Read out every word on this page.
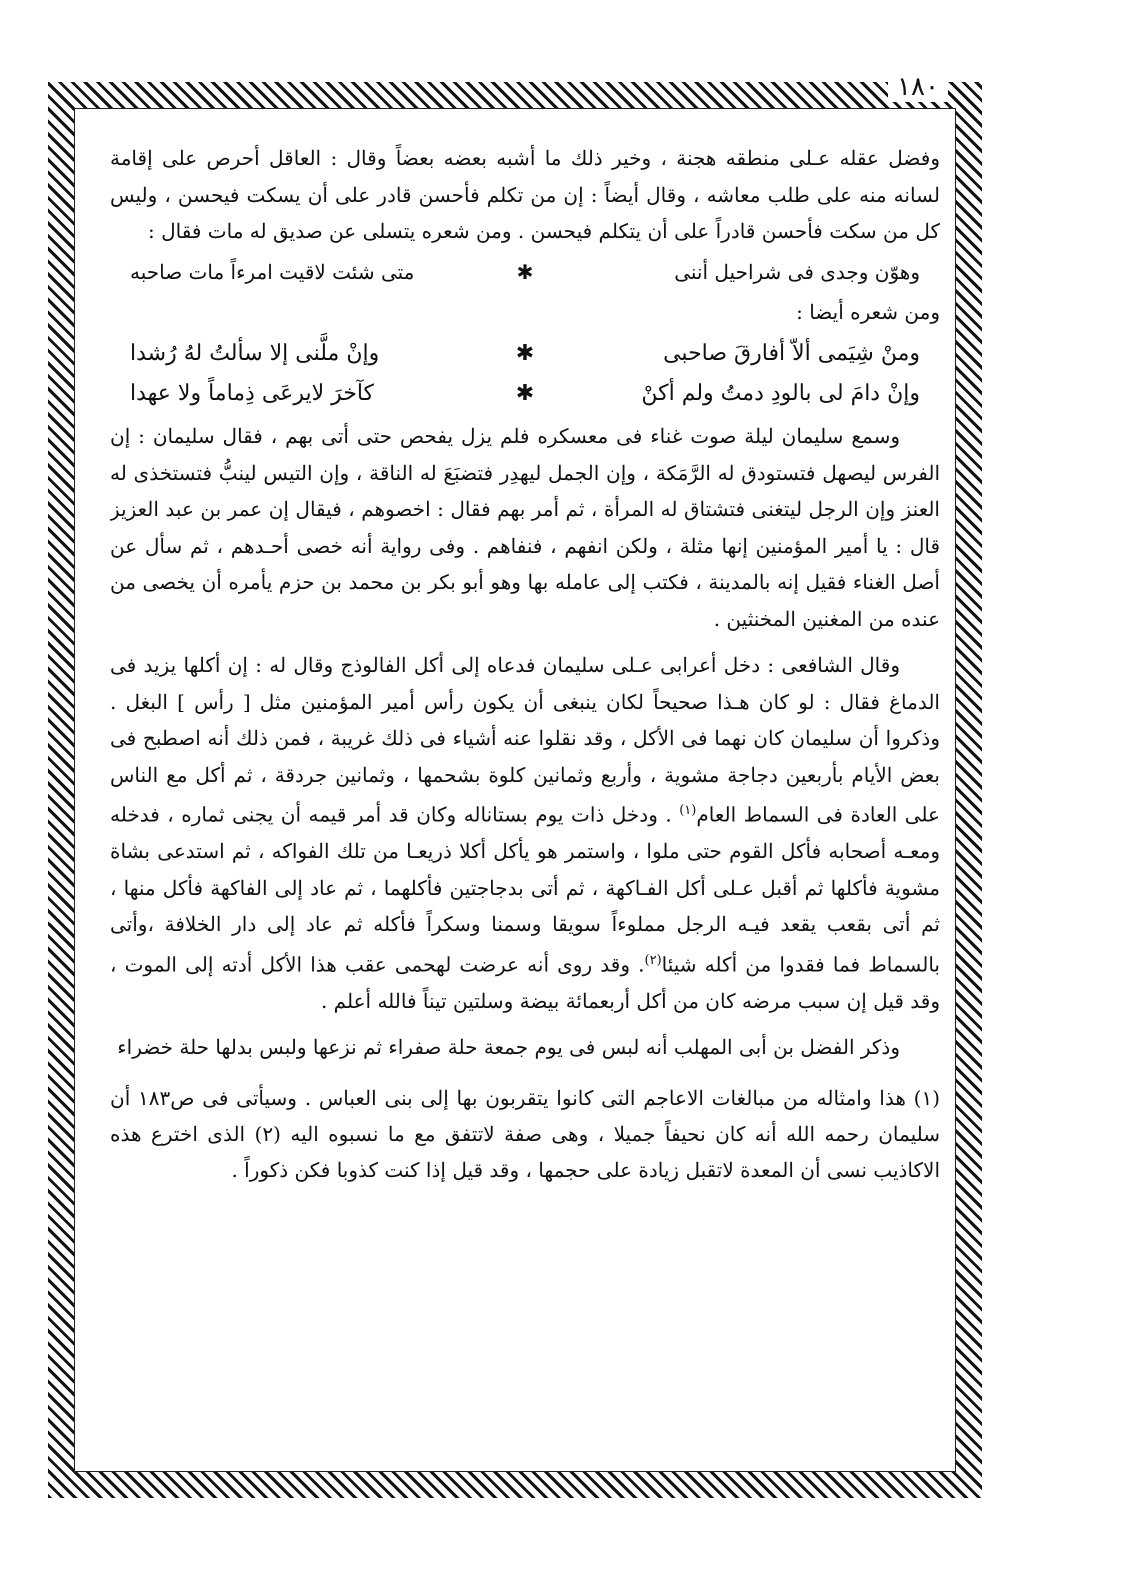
١٨٠

وفضل عقله عـلى منطقه هجنة ، وخير ذلك ما أشبه بعضه بعضاً وقال : العاقل أحرص على إقامة لسانه منه على طلب معاشه ، وقال أيضاً : إن من تكلم فأحسن قادر على أن يسكت فيحسن ، وليس كل من سكت فأحسن قادراً على أن يتكلم فيحسن . ومن شعره يتسلى عن صديق له مات فقال :

وهوّن وجدى فى شراحيل أننى
✱
متى شئت لاقيت امرءاً مات صاحبه

ومن شعره أيضا :

ومنْ شِيَمى ألاّ أفارقَ صاحبى
✱
وإنْ ملَّنى إلا سألتُ لهُ رُشدا
وإنْ دامَ لى بالودِ دمتُ ولم أكنْ
✱
كآخرَ لايرعَى ذِماماً ولا عهدا

وسمع سليمان ليلة صوت غناء فى معسكره فلم يزل يفحص حتى أتى بهم ، فقال سليمان : إن الفرس ليصهل فتستودق له الرَّمَكة ، وإن الجمل ليهدِر فتضبَعَ له الناقة ، وإن التيس لينبُّ فتستخذى له العنز وإن الرجل ليتغنى فتشتاق له المرأة ، ثم أمر بهم فقال : اخصوهم ، فيقال إن عمر بن عبد العزيز قال : يا أمير المؤمنين إنها مثلة ، ولكن انفهم ، فنفاهم . وفى رواية أنه خصى أحـدهم ، ثم سأل عن أصل الغناء فقيل إنه بالمدينة ، فكتب إلى عامله بها وهو أبو بكر بن محمد بن حزم يأمره أن يخصى من عنده من المغنين المخنثين .

وقال الشافعى : دخل أعرابى عـلى سليمان فدعاه إلى أكل الفالوذج وقال له : إن أكلها يزيد فى الدماغ فقال : لو كان هـذا صحيحاً لكان ينبغى أن يكون رأس أمير المؤمنين مثل [ رأس ] البغل . وذكروا أن سليمان كان نهما فى الأكل ، وقد نقلوا عنه أشياء فى ذلك غريبة ، فمن ذلك أنه اصطبح فى بعض الأيام بأربعين دجاجة مشوية ، وأربع وثمانين كلوة بشحمها ، وثمانين جردقة ، ثم أكل مع الناس على العادة فى السماط العام$^{(١)}$ . ودخل ذات يوم بستاناله وكان قد أمر قيمه أن يجنى ثماره ، فدخله ومعـه أصحابه فأكل القوم حتى ملوا ، واستمر هو يأكل أكلا ذريعـا من تلك الفواكه ، ثم استدعى بشاة مشوية فأكلها ثم أقبل عـلى أكل الفـاكهة ، ثم أتى بدجاجتين فأكلهما ، ثم عاد إلى الفاكهة فأكل منها ، ثم أتى بقعب يقعد فيـه الرجل مملوءاً سويقا وسمنا وسكراً فأكله ثم عاد إلى دار الخلافة ،وأتى بالسماط فما فقدوا من أكله شيئا$^{(٢)}$. وقد روى أنه عرضت لهحمى عقب هذا الأكل أدته إلى الموت ، وقد قيل إن سبب مرضه كان من أكل أربعمائة بيضة وسلتين تيناً فالله أعلم .

وذكر الفضل بن أبى المهلب أنه لبس فى يوم جمعة حلة صفراء ثم نزعها ولبس بدلها حلة خضراء

(١) هذا وامثاله من مبالغات الاعاجم التى كانوا يتقربون بها إلى بنى العباس . وسيأتى فى ص١٨٣ أن سليمان رحمه الله أنه كان نحيفاً جميلا ، وهى صفة لاتتفق مع ما نسبوه اليه (٢) الذى اخترع هذه الاكاذيب نسى أن المعدة لاتقبل زيادة على حجمها ، وقد قيل إذا كنت كذوبا فكن ذكوراً .
